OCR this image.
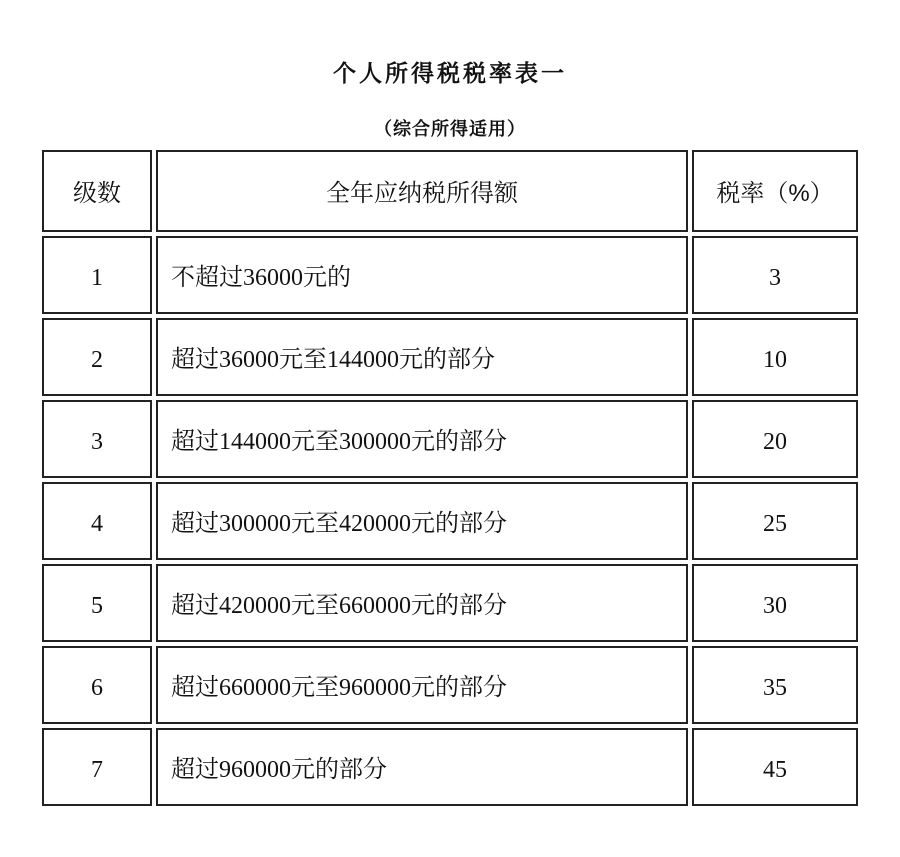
个人所得税税率表一
（综合所得适用）
级数	全年应纳税所得额	税率（%）
1	不超过36000元的	3
2	超过36000元至144000元的部分	10
3	超过144000元至300000元的部分	20
4	超过300000元至420000元的部分	25
5	超过420000元至660000元的部分	30
6	超过660000元至960000元的部分	35
7	超过960000元的部分	45
